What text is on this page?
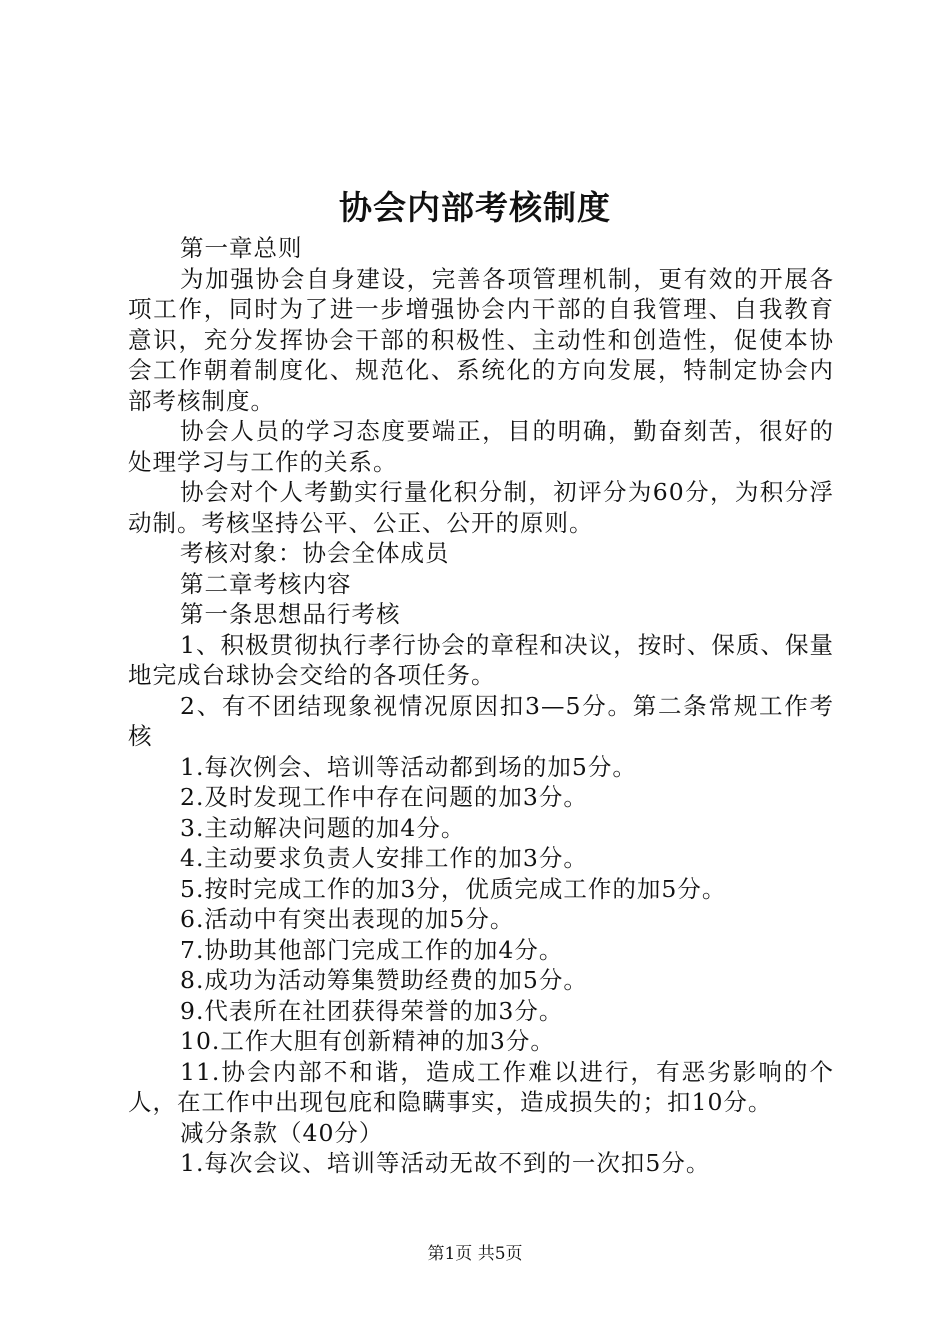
协会内部考核制度

第一章总则

为加强协会自身建设，完善各项管理机制，更有效的开展各项工作，同时为了进一步增强协会内干部的自我管理、自我教育意识，充分发挥协会干部的积极性、主动性和创造性，促使本协会工作朝着制度化、规范化、系统化的方向发展，特制定协会内部考核制度。

协会人员的学习态度要端正，目的明确，勤奋刻苦，很好的处理学习与工作的关系。

协会对个人考勤实行量化积分制，初评分为60分，为积分浮动制。考核坚持公平、公正、公开的原则。

考核对象：协会全体成员

第二章考核内容

第一条思想品行考核

1、积极贯彻执行孝行协会的章程和决议，按时、保质、保量地完成台球协会交给的各项任务。

2、有不团结现象视情况原因扣3—5分。第二条常规工作考核

1.每次例会、培训等活动都到场的加5分。

2.及时发现工作中存在问题的加3分。

3.主动解决问题的加4分。

4.主动要求负责人安排工作的加3分。

5.按时完成工作的加3分，优质完成工作的加5分。

6.活动中有突出表现的加5分。

7.协助其他部门完成工作的加4分。

8.成功为活动筹集赞助经费的加5分。

9.代表所在社团获得荣誉的加3分。

10.工作大胆有创新精神的加3分。

11.协会内部不和谐，造成工作难以进行，有恶劣影响的个人，在工作中出现包庇和隐瞒事实，造成损失的；扣10分。

减分条款（40分）

1.每次会议、培训等活动无故不到的一次扣5分。

第1页 共5页
